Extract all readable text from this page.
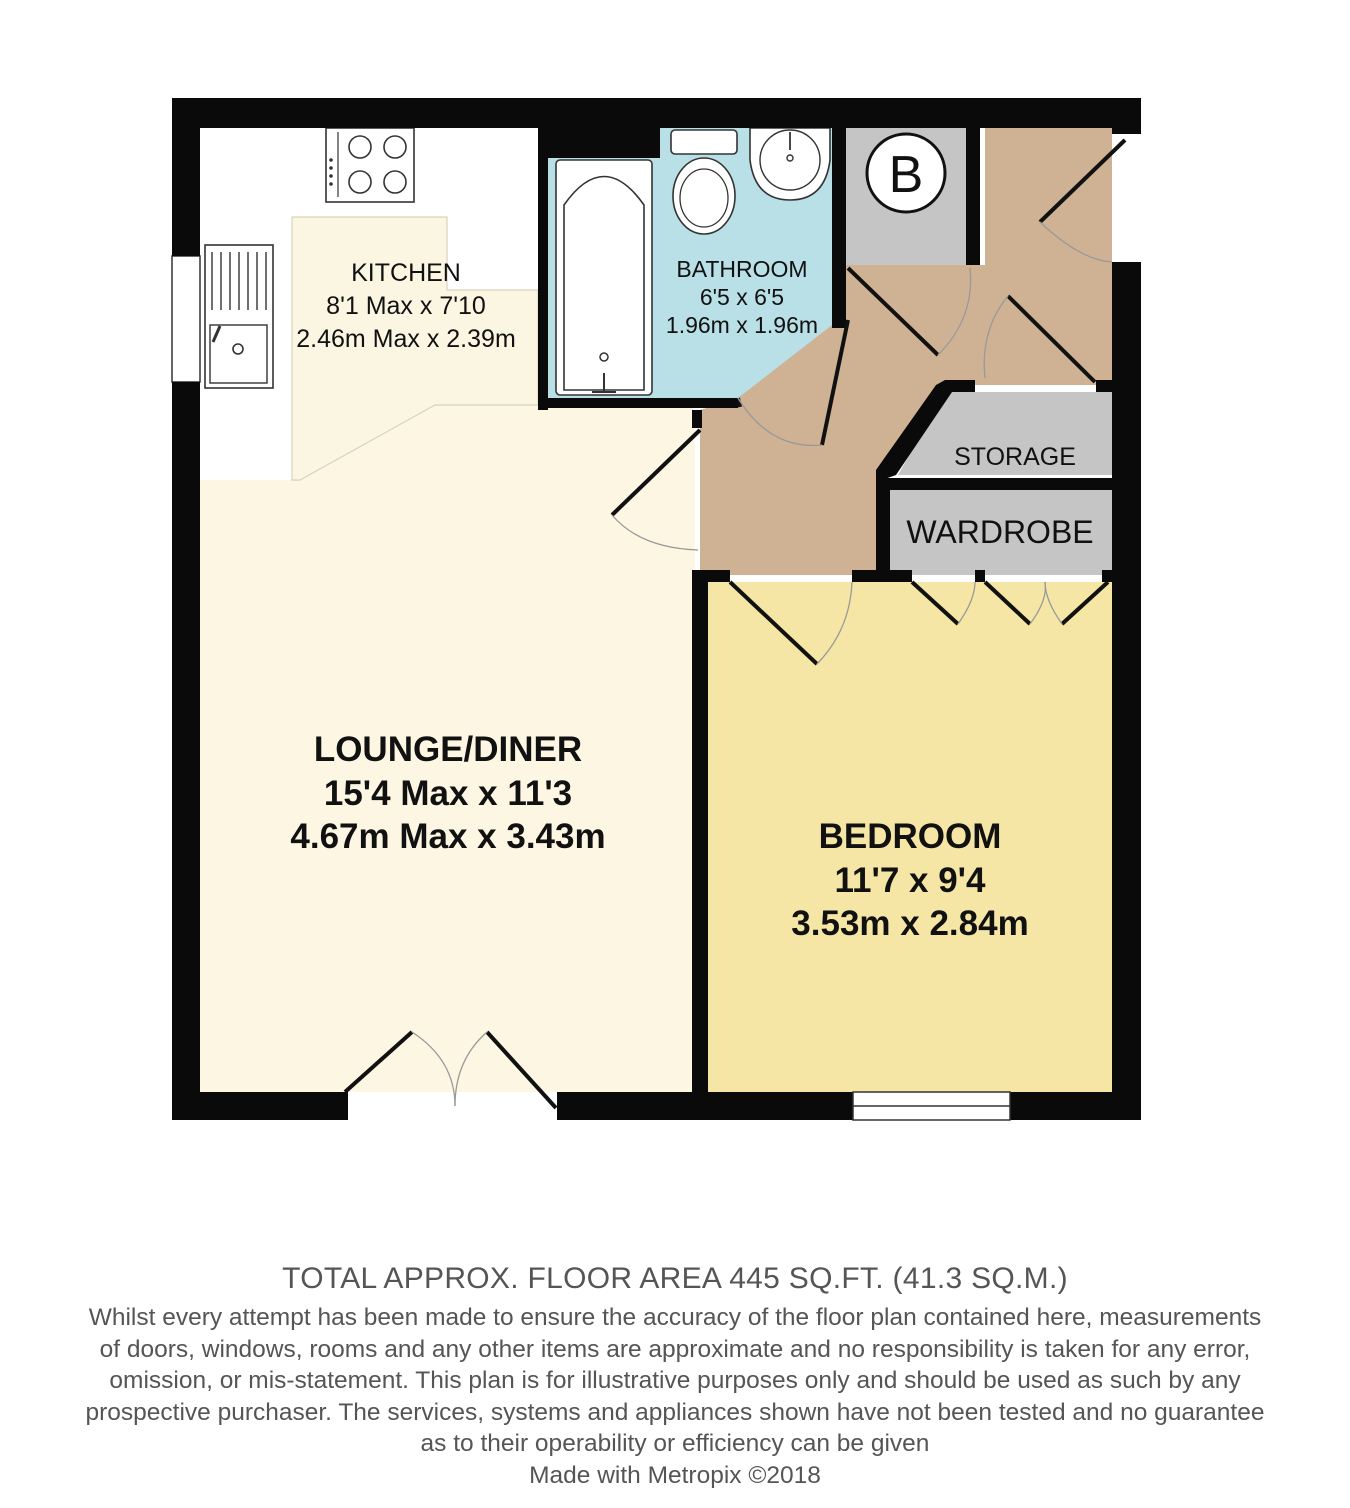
B
KITCHEN
8'1 Max x 7'10
2.46m Max x 2.39m
BATHROOM
6'5 x 6'5
1.96m x 1.96m
LOUNGE/DINER
15'4 Max x 11'3
4.67m Max x 3.43m	BEDROOM
11'7 x 9'4
3.53m x 2.84m
STORAGE
WARDROBE
TOTAL APPROX. FLOOR AREA 445 SQ.FT. (41.3 SQ.M.)
Whilst every attempt has been made to ensure the accuracy of the floor plan contained here, measurements
of doors, windows, rooms and any other items are approximate and no responsibility is taken for any error,
omission, or mis-statement. This plan is for illustrative purposes only and should be used as such by any
prospective purchaser. The services, systems and appliances shown have not been tested and no guarantee
as to their operability or efficiency can be given
Made with Metropix ©2018
